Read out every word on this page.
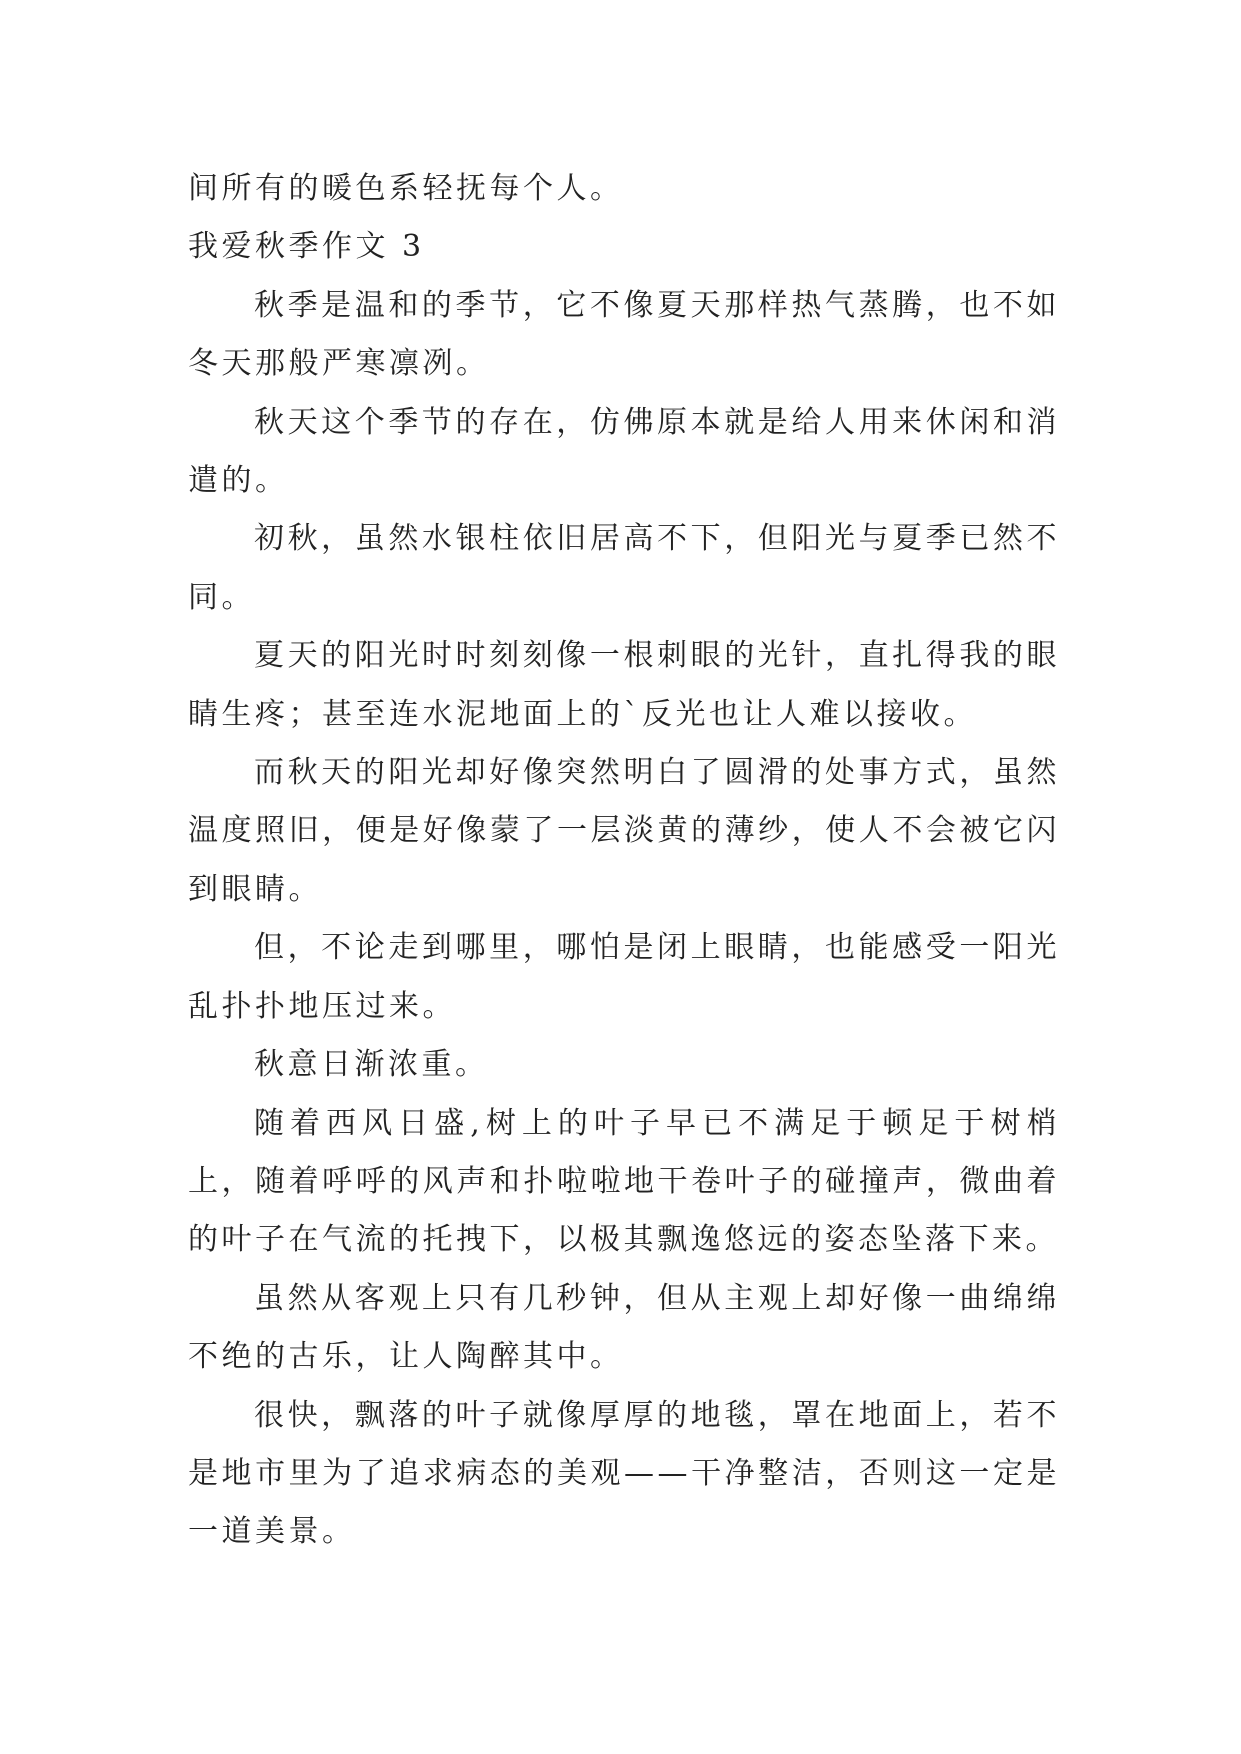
间所有的暖色系轻抚每个人。

我爱秋季作文 3

秋季是温和的季节，它不像夏天那样热气蒸腾，也不如冬天那般严寒凛冽。

秋天这个季节的存在，仿佛原本就是给人用来休闲和消遣的。

初秋，虽然水银柱依旧居高不下，但阳光与夏季已然不同。

夏天的阳光时时刻刻像一根刺眼的光针，直扎得我的眼睛生疼；甚至连水泥地面上的`反光也让人难以接收。

而秋天的阳光却好像突然明白了圆滑的处事方式，虽然温度照旧，便是好像蒙了一层淡黄的薄纱，使人不会被它闪到眼睛。

但，不论走到哪里，哪怕是闭上眼睛，也能感受一阳光乱扑扑地压过来。

秋意日渐浓重。

随着西风日盛,树上的叶子早已不满足于顿足于树梢上，随着呼呼的风声和扑啦啦地干卷叶子的碰撞声，微曲着的叶子在气流的托拽下，以极其飘逸悠远的姿态坠落下来。

虽然从客观上只有几秒钟，但从主观上却好像一曲绵绵不绝的古乐，让人陶醉其中。

很快，飘落的叶子就像厚厚的地毯，罩在地面上，若不是地市里为了追求病态的美观——干净整洁，否则这一定是一道美景。
